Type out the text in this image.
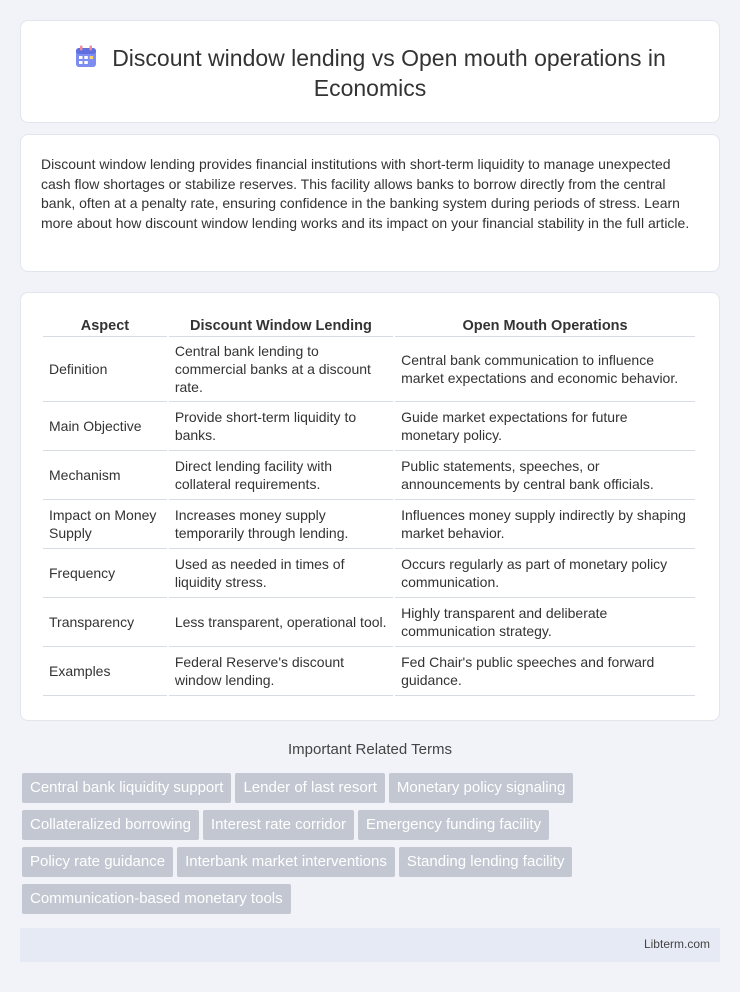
Discount window lending vs Open mouth operations in Economics

Discount window lending provides financial institutions with short-term liquidity to manage unexpected cash flow shortages or stabilize reserves. This facility allows banks to borrow directly from the central bank, often at a penalty rate, ensuring confidence in the banking system during periods of stress. Learn more about how discount window lending works and its impact on your financial stability in the full article.

Aspect	Discount Window Lending	Open Mouth Operations
Definition	Central bank lending to commercial banks at a discount rate.	Central bank communication to influence market expectations and economic behavior.
Main Objective	Provide short-term liquidity to banks.	Guide market expectations for future monetary policy.
Mechanism	Direct lending facility with collateral requirements.	Public statements, speeches, or announcements by central bank officials.
Impact on Money Supply	Increases money supply temporarily through lending.	Influences money supply indirectly by shaping market behavior.
Frequency	Used as needed in times of liquidity stress.	Occurs regularly as part of monetary policy communication.
Transparency	Less transparent, operational tool.	Highly transparent and deliberate communication strategy.
Examples	Federal Reserve's discount window lending.	Fed Chair's public speeches and forward guidance.
Important Related Terms
Central bank liquidity support Lender of last resort Monetary policy signaling
Collateralized borrowing Interest rate corridor Emergency funding facility
Policy rate guidance Interbank market interventions Standing lending facility
Communication-based monetary tools
Libterm.com
